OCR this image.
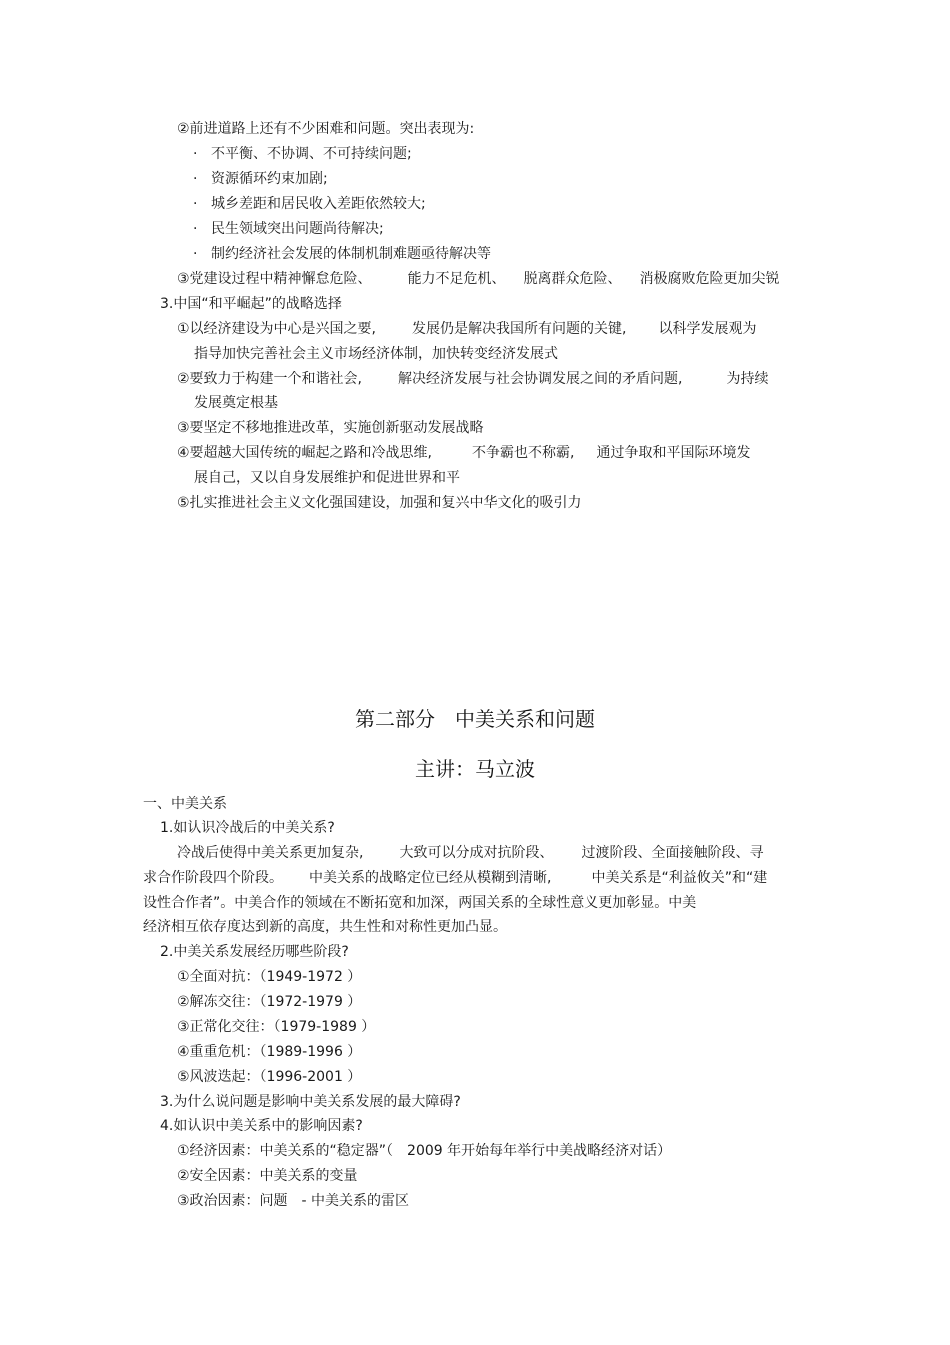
②前进道路上还有不少困难和问题。突出表现为:
· 不平衡、不协调、不可持续问题;
· 资源循环约束加剧;
· 城乡差距和居民收入差距依然较大;
· 民生领域突出问题尚待解决;
· 制约经济社会发展的体制机制难题亟待解决等
③党建设过程中精神懈怠危险、	能力不足危机、 脱离群众危险、 消极腐败危险更加尖锐
3.中国“和平崛起”的战略选择
①以经济建设为中心是兴国之要,	发展仍是解决我国所有问题的关键, 以科学发展观为
指导加快完善社会主义市场经济体制，加快转变经济发展式
②要致力于构建一个和谐社会,	解决经济发展与社会协调发展之间的矛盾问题,	为持续
发展奠定根基
③要坚定不移地推进改革，实施创新驱动发展战略
④要超越大国传统的崛起之路和冷战思维,	不争霸也不称霸, 通过争取和平国际环境发
展自己，又以自身发展维护和促进世界和平
⑤扎实推进社会主义文化强国建设，加强和复兴中华文化的吸引力
第二部分　中美关系和问题
主讲：马立波
一、中美关系
1.如认识冷战后的中美关系?
冷战后使得中美关系更加复杂,	大致可以分成对抗阶段、 过渡阶段、全面接触阶段、寻
求合作阶段四个阶段。 中美关系的战略定位已经从模糊到清晰,	中美关系是“利益攸关”和“建
设性合作者”。中美合作的领域在不断拓宽和加深，两国关系的全球性意义更加彰显。中美
经济相互依存度达到新的高度，共生性和对称性更加凸显。
2.中美关系发展经历哪些阶段?
①全面对抗：（1949-1972 ）
②解冻交往：（1972-1979 ）
③正常化交往：（1979-1989 ）
④重重危机：（1989-1996 ）
⑤风波迭起：（1996-2001 ）
3.为什么说问题是影响中美关系发展的最大障碍?
4.如认识中美关系中的影响因素?
①经济因素：中美关系的“稳定器”（　2009 年开始每年举行中美战略经济对话）
②安全因素：中美关系的变量
③政治因素：问题　- 中美关系的雷区
